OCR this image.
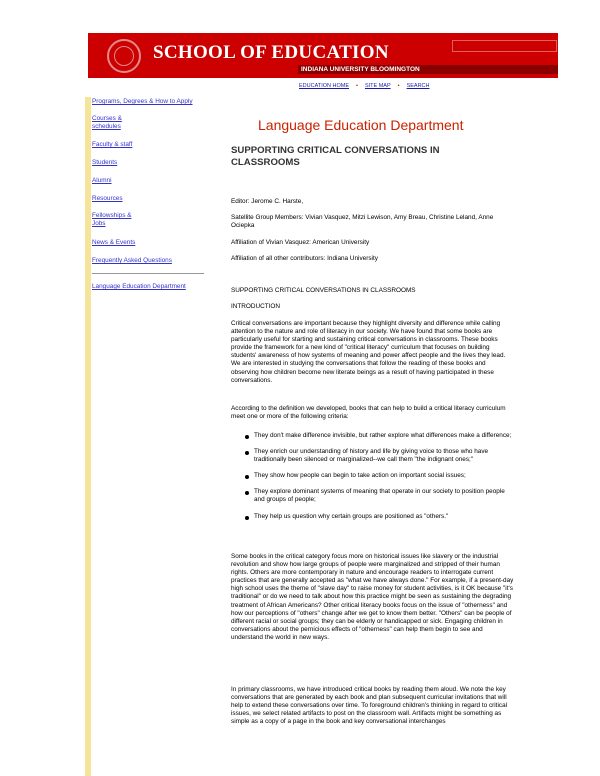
SCHOOL OF EDUCATION
INDIANA UNIVERSITY BLOOMINGTON
EDUCATION HOME • SITE MAP • SEARCH
Programs, Degrees & How to Apply
Courses &
schedules
Faculty & staff
Students
Alumni
Resources
Fellowships &
Jobs
News & Events
Frequently Asked Questions
Language Education Department
Language Education Department
SUPPORTING CRITICAL CONVERSATIONS IN CLASSROOMS

Editor: Jerome C. Harste,

Satellite Group Members: Vivian Vasquez, Mitzi Lewison, Amy Breau, Christine Leland, Anne Ociepka

Affiliation of Vivian Vasquez: American University

Affiliation of all other contributors: Indiana University

SUPPORTING CRITICAL CONVERSATIONS IN CLASSROOMS

INTRODUCTION

Critical conversations are important because they highlight diversity and difference while calling attention to the nature and role of literacy in our society. We have found that some books are particularly useful for starting and sustaining critical conversations in classrooms. These books provide the framework for a new kind of "critical literacy" curriculum that focuses on building students' awareness of how systems of meaning and power affect people and the lives they lead. We are interested in studying the conversations that follow the reading of these books and observing how children become new literate beings as a result of having participated in these conversations.

According to the definition we developed, books that can help to build a critical literacy curriculum meet one or more of the following criteria:

They don't make difference invisible, but rather explore what differences make a difference;
They enrich our understanding of history and life by giving voice to those who have traditionally been silenced or marginalized--we call them "the indignant ones;"
They show how people can begin to take action on important social issues;
They explore dominant systems of meaning that operate in our society to position people and groups of people;
They help us question why certain groups are positioned as "others."

Some books in the critical category focus more on historical issues like slavery or the industrial revolution and show how large groups of people were marginalized and stripped of their human rights. Others are more contemporary in nature and encourage readers to interrogate current practices that are generally accepted as "what we have always done." For example, if a present-day high school uses the theme of "slave day" to raise money for student activities, is it OK because "it's traditional" or do we need to talk about how this practice might be seen as sustaining the degrading treatment of African Americans? Other critical literacy books focus on the issue of "otherness" and how our perceptions of "others" change after we get to know them better. "Others" can be people of different racial or social groups; they can be elderly or handicapped or sick. Engaging children in conversations about the pernicious effects of "otherness" can help them begin to see and understand the world in new ways.

In primary classrooms, we have introduced critical books by reading them aloud. We note the key conversations that are generated by each book and plan subsequent curricular invitations that will help to extend these conversations over time. To foreground children's thinking in regard to critical issues, we select related artifacts to post on the classroom wall. Artifacts might be something as simple as a copy of a page in the book and key conversational interchanges
